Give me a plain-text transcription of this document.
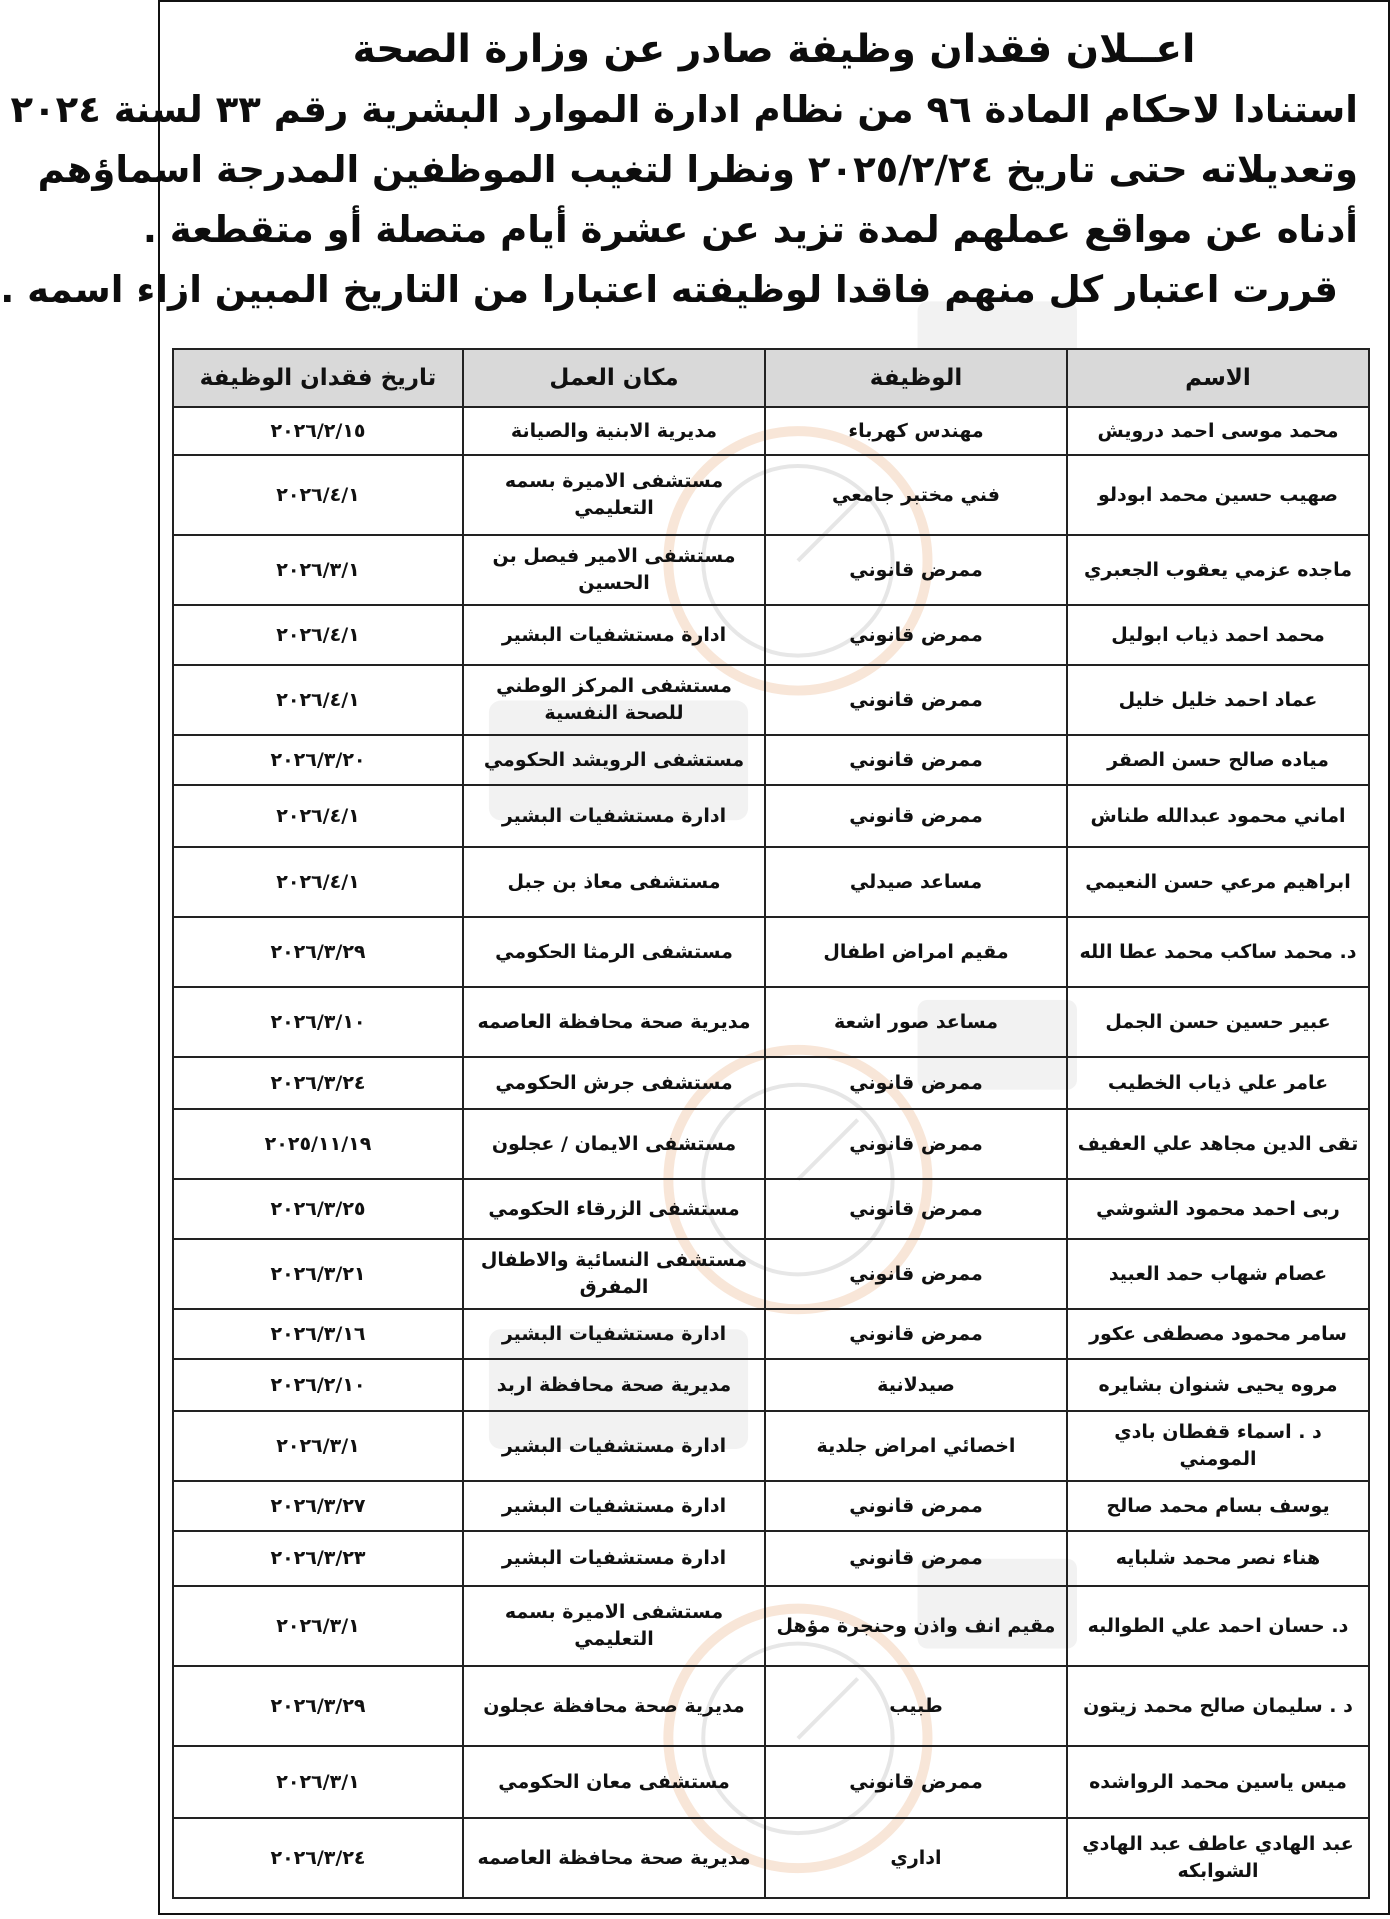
اعــلان فقدان وظيفة صادر عن وزارة الصحة
استنادا لاحكام المادة ٩٦ من نظام ادارة الموارد البشرية رقم ٣٣ لسنة ٢٠٢٤
وتعديلاته حتى تاريخ ٢٠٢٥/٢/٢٤ ونظرا لتغيب الموظفين المدرجة اسماؤهم
أدناه عن مواقع عملهم لمدة تزيد عن عشرة أيام متصلة أو متقطعة .
قررت اعتبار كل منهم فاقدا لوظيفته اعتبارا من التاريخ المبين ازاء اسمه .
الاسم	الوظيفة	مكان العمل	تاريخ فقدان الوظيفة
محمد موسى احمد درويش	مهندس كهرباء	مديرية الابنية والصيانة	٢٠٢٦/٢/١٥
صهيب حسين محمد ابودلو	فني مختبر جامعي	مستشفى الاميرة بسمه التعليمي	٢٠٢٦/٤/١
ماجده عزمي يعقوب الجعبري	ممرض قانوني	مستشفى الامير فيصل بن الحسين	٢٠٢٦/٣/١
محمد احمد ذياب ابوليل	ممرض قانوني	ادارة مستشفيات البشير	٢٠٢٦/٤/١
عماد احمد خليل خليل	ممرض قانوني	مستشفى المركز الوطني للصحة النفسية	٢٠٢٦/٤/١
مياده صالح حسن الصقر	ممرض قانوني	مستشفى الرويشد الحكومي	٢٠٢٦/٣/٢٠
اماني محمود عبدالله طناش	ممرض قانوني	ادارة مستشفيات البشير	٢٠٢٦/٤/١
ابراهيم مرعي حسن النعيمي	مساعد صيدلي	مستشفى معاذ بن جبل	٢٠٢٦/٤/١
د. محمد ساكب محمد عطا الله	مقيم امراض اطفال	مستشفى الرمثا الحكومي	٢٠٢٦/٣/٢٩
عبير حسين حسن الجمل	مساعد صور اشعة	مديرية صحة محافظة العاصمه	٢٠٢٦/٣/١٠
عامر علي ذياب الخطيب	ممرض قانوني	مستشفى جرش الحكومي	٢٠٢٦/٣/٢٤
تقى الدين مجاهد علي العفيف	ممرض قانوني	مستشفى الايمان / عجلون	٢٠٢٥/١١/١٩
ربى احمد محمود الشوشي	ممرض قانوني	مستشفى الزرقاء الحكومي	٢٠٢٦/٣/٢٥
عصام شهاب حمد العبيد	ممرض قانوني	مستشفى النسائية والاطفال المفرق	٢٠٢٦/٣/٢١
سامر محمود مصطفى عكور	ممرض قانوني	ادارة مستشفيات البشير	٢٠٢٦/٣/١٦
مروه يحيى شنوان بشايره	صيدلانية	مديرية صحة محافظة اربد	٢٠٢٦/٢/١٠
د . اسماء قفطان بادي المومني	اخصائي امراض جلدية	ادارة مستشفيات البشير	٢٠٢٦/٣/١
يوسف بسام محمد صالح	ممرض قانوني	ادارة مستشفيات البشير	٢٠٢٦/٣/٢٧
هناء نصر محمد شلبايه	ممرض قانوني	ادارة مستشفيات البشير	٢٠٢٦/٣/٢٣
د. حسان احمد علي الطوالبه	مقيم انف واذن وحنجرة مؤهل	مستشفى الاميرة بسمه التعليمي	٢٠٢٦/٣/١
د . سليمان صالح محمد زيتون	طبيب	مديرية صحة محافظة عجلون	٢٠٢٦/٣/٢٩
ميس ياسين محمد الرواشده	ممرض قانوني	مستشفى معان الحكومي	٢٠٢٦/٣/١
عبد الهادي عاطف عبد الهادي الشوابكه	اداري	مديرية صحة محافظة العاصمه	٢٠٢٦/٣/٢٤
